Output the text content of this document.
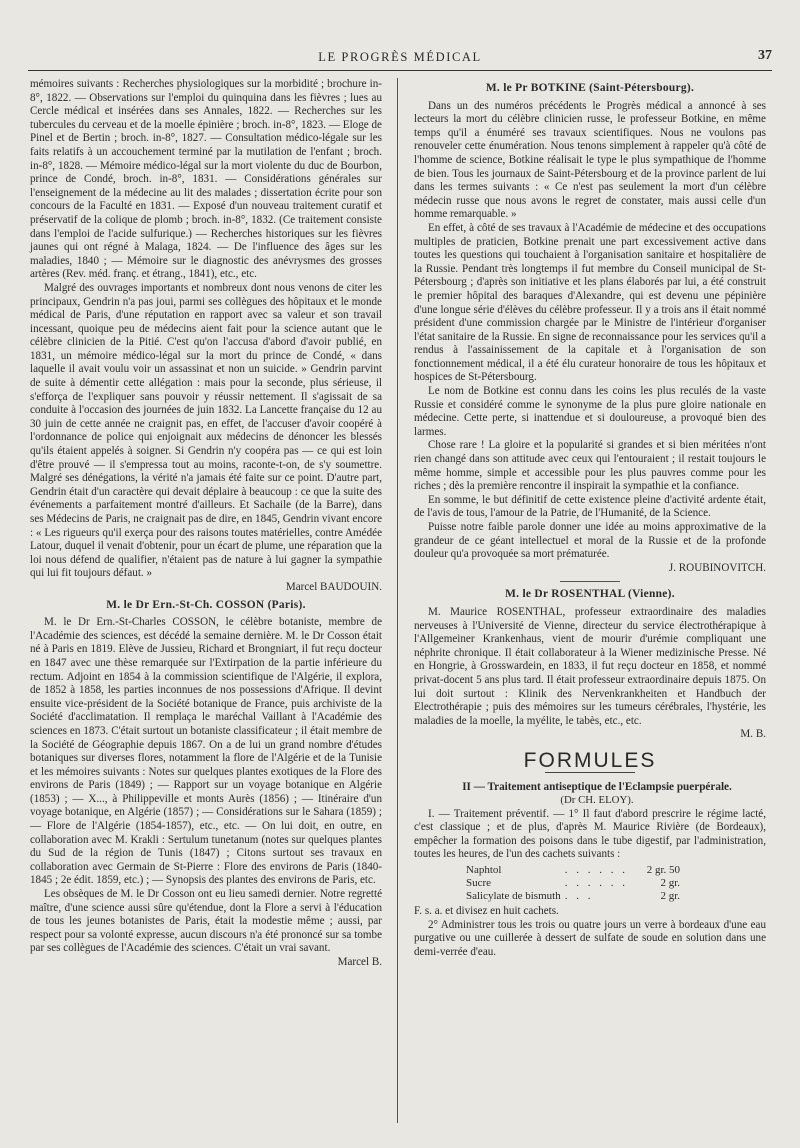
LE PROGRÈS MÉDICAL	37

mémoires suivants : Recherches physiologiques sur la morbidité ; brochure in-8°, 1822. — Observations sur l'emploi du quinquina dans les fièvres ; lues au Cercle médical et insérées dans ses Annales, 1822. — Recherches sur les tubercules du cerveau et de la moelle épinière ; broch. in-8°, 1823. — Eloge de Pinel et de Bertin ; broch. in-8°, 1827. — Consultation médico-légale sur les faits relatifs à un accouchement terminé par la mutilation de l'enfant ; broch. in-8°, 1828. — Mémoire médico-légal sur la mort violente du duc de Bourbon, prince de Condé, broch. in-8°, 1831. — Considérations générales sur l'enseignement de la médecine au lit des malades ; dissertation écrite pour son concours de la Faculté en 1831. — Exposé d'un nouveau traitement curatif et préservatif de la colique de plomb ; broch. in-8°, 1832. (Ce traitement consiste dans l'emploi de l'acide sulfurique.) — Recherches historiques sur les fièvres jaunes qui ont régné à Malaga, 1824. — De l'influence des âges sur les maladies, 1840 ; — Mémoire sur le diagnostic des anévrysmes des grosses artères (Rev. méd. franç. et étrang., 1841), etc., etc.

Malgré des ouvrages importants et nombreux dont nous venons de citer les principaux, Gendrin n'a pas joui, parmi ses collègues des hôpitaux et le monde médical de Paris, d'une réputation en rapport avec sa valeur et son travail incessant, quoique peu de médecins aient fait pour la science autant que le célèbre clinicien de la Pitié. C'est qu'on l'accusa d'abord d'avoir publié, en 1831, un mémoire médico-légal sur la mort du prince de Condé, « dans laquelle il avait voulu voir un assassinat et non un suicide. » Gendrin parvint de suite à démentir cette allégation : mais pour la seconde, plus sérieuse, il s'efforça de l'expliquer sans pouvoir y réussir nettement. Il s'agissait de sa conduite à l'occasion des journées de juin 1832. La Lancette française du 12 au 30 juin de cette année ne craignit pas, en effet, de l'accuser d'avoir coopéré à l'ordonnance de police qui enjoignait aux médecins de dénoncer les blessés qu'ils étaient appelés à soigner. Si Gendrin n'y coopéra pas — ce qui est loin d'être prouvé — il s'empressa tout au moins, raconte-t-on, de s'y soumettre. Malgré ses dénégations, la vérité n'a jamais été faite sur ce point. D'autre part, Gendrin était d'un caractère qui devait déplaire à beaucoup : ce que la suite des événements a parfaitement montré d'ailleurs. Et Sachaile (de la Barre), dans ses Médecins de Paris, ne craignait pas de dire, en 1845, Gendrin vivant encore : « Les rigueurs qu'il exerça pour des raisons toutes matérielles, contre Amédée Latour, duquel il venait d'obtenir, pour un écart de plume, une réparation que la loi nous défend de qualifier, n'étaient pas de nature à lui gagner la sympathie qui lui fit toujours défaut. »

Marcel BAUDOUIN.

M. le Dr Ern.-St-Ch. COSSON (Paris).

M. le Dr Ern.-St-Charles COSSON, le célèbre botaniste, membre de l'Académie des sciences, est décédé la semaine dernière. M. le Dr Cosson était né à Paris en 1819. Elève de Jussieu, Richard et Brongniart, il fut reçu docteur en 1847 avec une thèse remarquée sur l'Extirpation de la partie inférieure du rectum. Adjoint en 1854 à la commission scientifique de l'Algérie, il explora, de 1852 à 1858, les parties inconnues de nos possessions d'Afrique. Il devint ensuite vice-président de la Société botanique de France, puis archiviste de la Société d'acclimatation. Il remplaça le maréchal Vaillant à l'Académie des sciences en 1873. C'était surtout un botaniste classificateur ; il était membre de la Société de Géographie depuis 1867. On a de lui un grand nombre d'études botaniques sur diverses flores, notamment la flore de l'Algérie et de la Tunisie et les mémoires suivants : Notes sur quelques plantes exotiques de la Flore des environs de Paris (1849) ; — Rapport sur un voyage botanique en Algérie (1853) ; — X..., à Philippeville et monts Aurès (1856) ; — Itinéraire d'un voyage botanique, en Algérie (1857) ; — Considérations sur le Sahara (1859) ; — Flore de l'Algérie (1854-1857), etc., etc. — On lui doit, en outre, en collaboration avec M. Krakli : Sertulum tunetanum (notes sur quelques plantes du Sud de la région de Tunis (1847) ; Citons surtout ses travaux en collaboration avec Germain de St-Pierre : Flore des environs de Paris (1840-1845 ; 2e édit. 1859, etc.) ; — Synopsis des plantes des environs de Paris, etc.

Les obsèques de M. le Dr Cosson ont eu lieu samedi dernier. Notre regretté maître, d'une science aussi sûre qu'étendue, dont la Flore a servi à l'éducation de tous les jeunes botanistes de Paris, était la modestie même ; aussi, par respect pour sa volonté expresse, aucun discours n'a été prononcé sur sa tombe par ses collègues de l'Académie des sciences. C'était un vrai savant.

Marcel B.

M. le Pr BOTKINE (Saint-Pétersbourg).

Dans un des numéros précédents le Progrès médical a annoncé à ses lecteurs la mort du célèbre clinicien russe, le professeur Botkine, en même temps qu'il a énuméré ses travaux scientifiques. Nous ne voulons pas renouveler cette énumération. Nous tenons simplement à rappeler qu'à côté de l'homme de science, Botkine réalisait le type le plus sympathique de l'homme de bien. Tous les journaux de Saint-Pétersbourg et de la province parlent de lui dans les termes suivants : « Ce n'est pas seulement la mort d'un célèbre médecin russe que nous avons le regret de constater, mais aussi celle d'un homme remarquable. »

En effet, à côté de ses travaux à l'Académie de médecine et des occupations multiples de praticien, Botkine prenait une part excessivement active dans toutes les questions qui touchaient à l'organisation sanitaire et hospitalière de la Russie. Pendant très longtemps il fut membre du Conseil municipal de St-Pétersbourg ; d'après son initiative et les plans élaborés par lui, a été construit le premier hôpital des baraques d'Alexandre, qui est devenu une pépinière d'une longue série d'élèves du célèbre professeur. Il y a trois ans il était nommé président d'une commission chargée par le Ministre de l'intérieur d'organiser l'état sanitaire de la Russie. En signe de reconnaissance pour les services qu'il a rendus à l'assainissement de la capitale et à l'organisation de son fonctionnement médical, il a été élu curateur honoraire de tous les hôpitaux et hospices de St-Pétersbourg.

Le nom de Botkine est connu dans les coins les plus reculés de la vaste Russie et considéré comme le synonyme de la plus pure gloire nationale en médecine. Cette perte, si inattendue et si douloureuse, a provoqué bien des larmes.

Chose rare ! La gloire et la popularité si grandes et si bien méritées n'ont rien changé dans son attitude avec ceux qui l'entouraient ; il restait toujours le même homme, simple et accessible pour les plus pauvres comme pour les riches ; dès la première rencontre il inspirait la sympathie et la confiance.

En somme, le but définitif de cette existence pleine d'activité ardente était, de l'avis de tous, l'amour de la Patrie, de l'Humanité, de la Science.

Puisse notre faible parole donner une idée au moins approximative de la grandeur de ce géant intellectuel et moral de la Russie et de la profonde douleur qu'a provoquée sa mort prématurée.

J. ROUBINOVITCH.

M. le Dr ROSENTHAL (Vienne).

M. Maurice ROSENTHAL, professeur extraordinaire des maladies nerveuses à l'Université de Vienne, directeur du service électrothérapique à l'Allgemeiner Krankenhaus, vient de mourir d'urémie compliquant une néphrite chronique. Il était collaborateur à la Wiener medizinische Presse. Né en Hongrie, à Grosswardein, en 1833, il fut reçu docteur en 1858, et nommé privat-docent 5 ans plus tard. Il était professeur extraordinaire depuis 1875. On lui doit surtout : Klinik des Nervenkrankheiten et Handbuch der Electrothérapie ; puis des mémoires sur les tumeurs cérébrales, l'hystérie, les maladies de la moelle, la myélite, le tabès, etc., etc.

M. B.

FORMULES

II — Traitement antiseptique de l'Eclampsie puerpérale.

(Dr CH. ELOY).

I. — Traitement préventif. — 1° Il faut d'abord prescrire le régime lacté, c'est classique ; et de plus, d'après M. Maurice Rivière (de Bordeaux), empêcher la formation des poisons dans le tube digestif, par l'administration, toutes les heures, de l'un des cachets suivants :

Naphtol	. . . . . .	2 gr. 50
Sucre	. . . . . .	2 gr.
Salicylate de bismuth	. . .	2 gr.

F. s. a. et divisez en huit cachets.

2° Administrer tous les trois ou quatre jours un verre à bordeaux d'une eau purgative ou une cuillerée à dessert de sulfate de soude en solution dans une demi-verrée d'eau.
